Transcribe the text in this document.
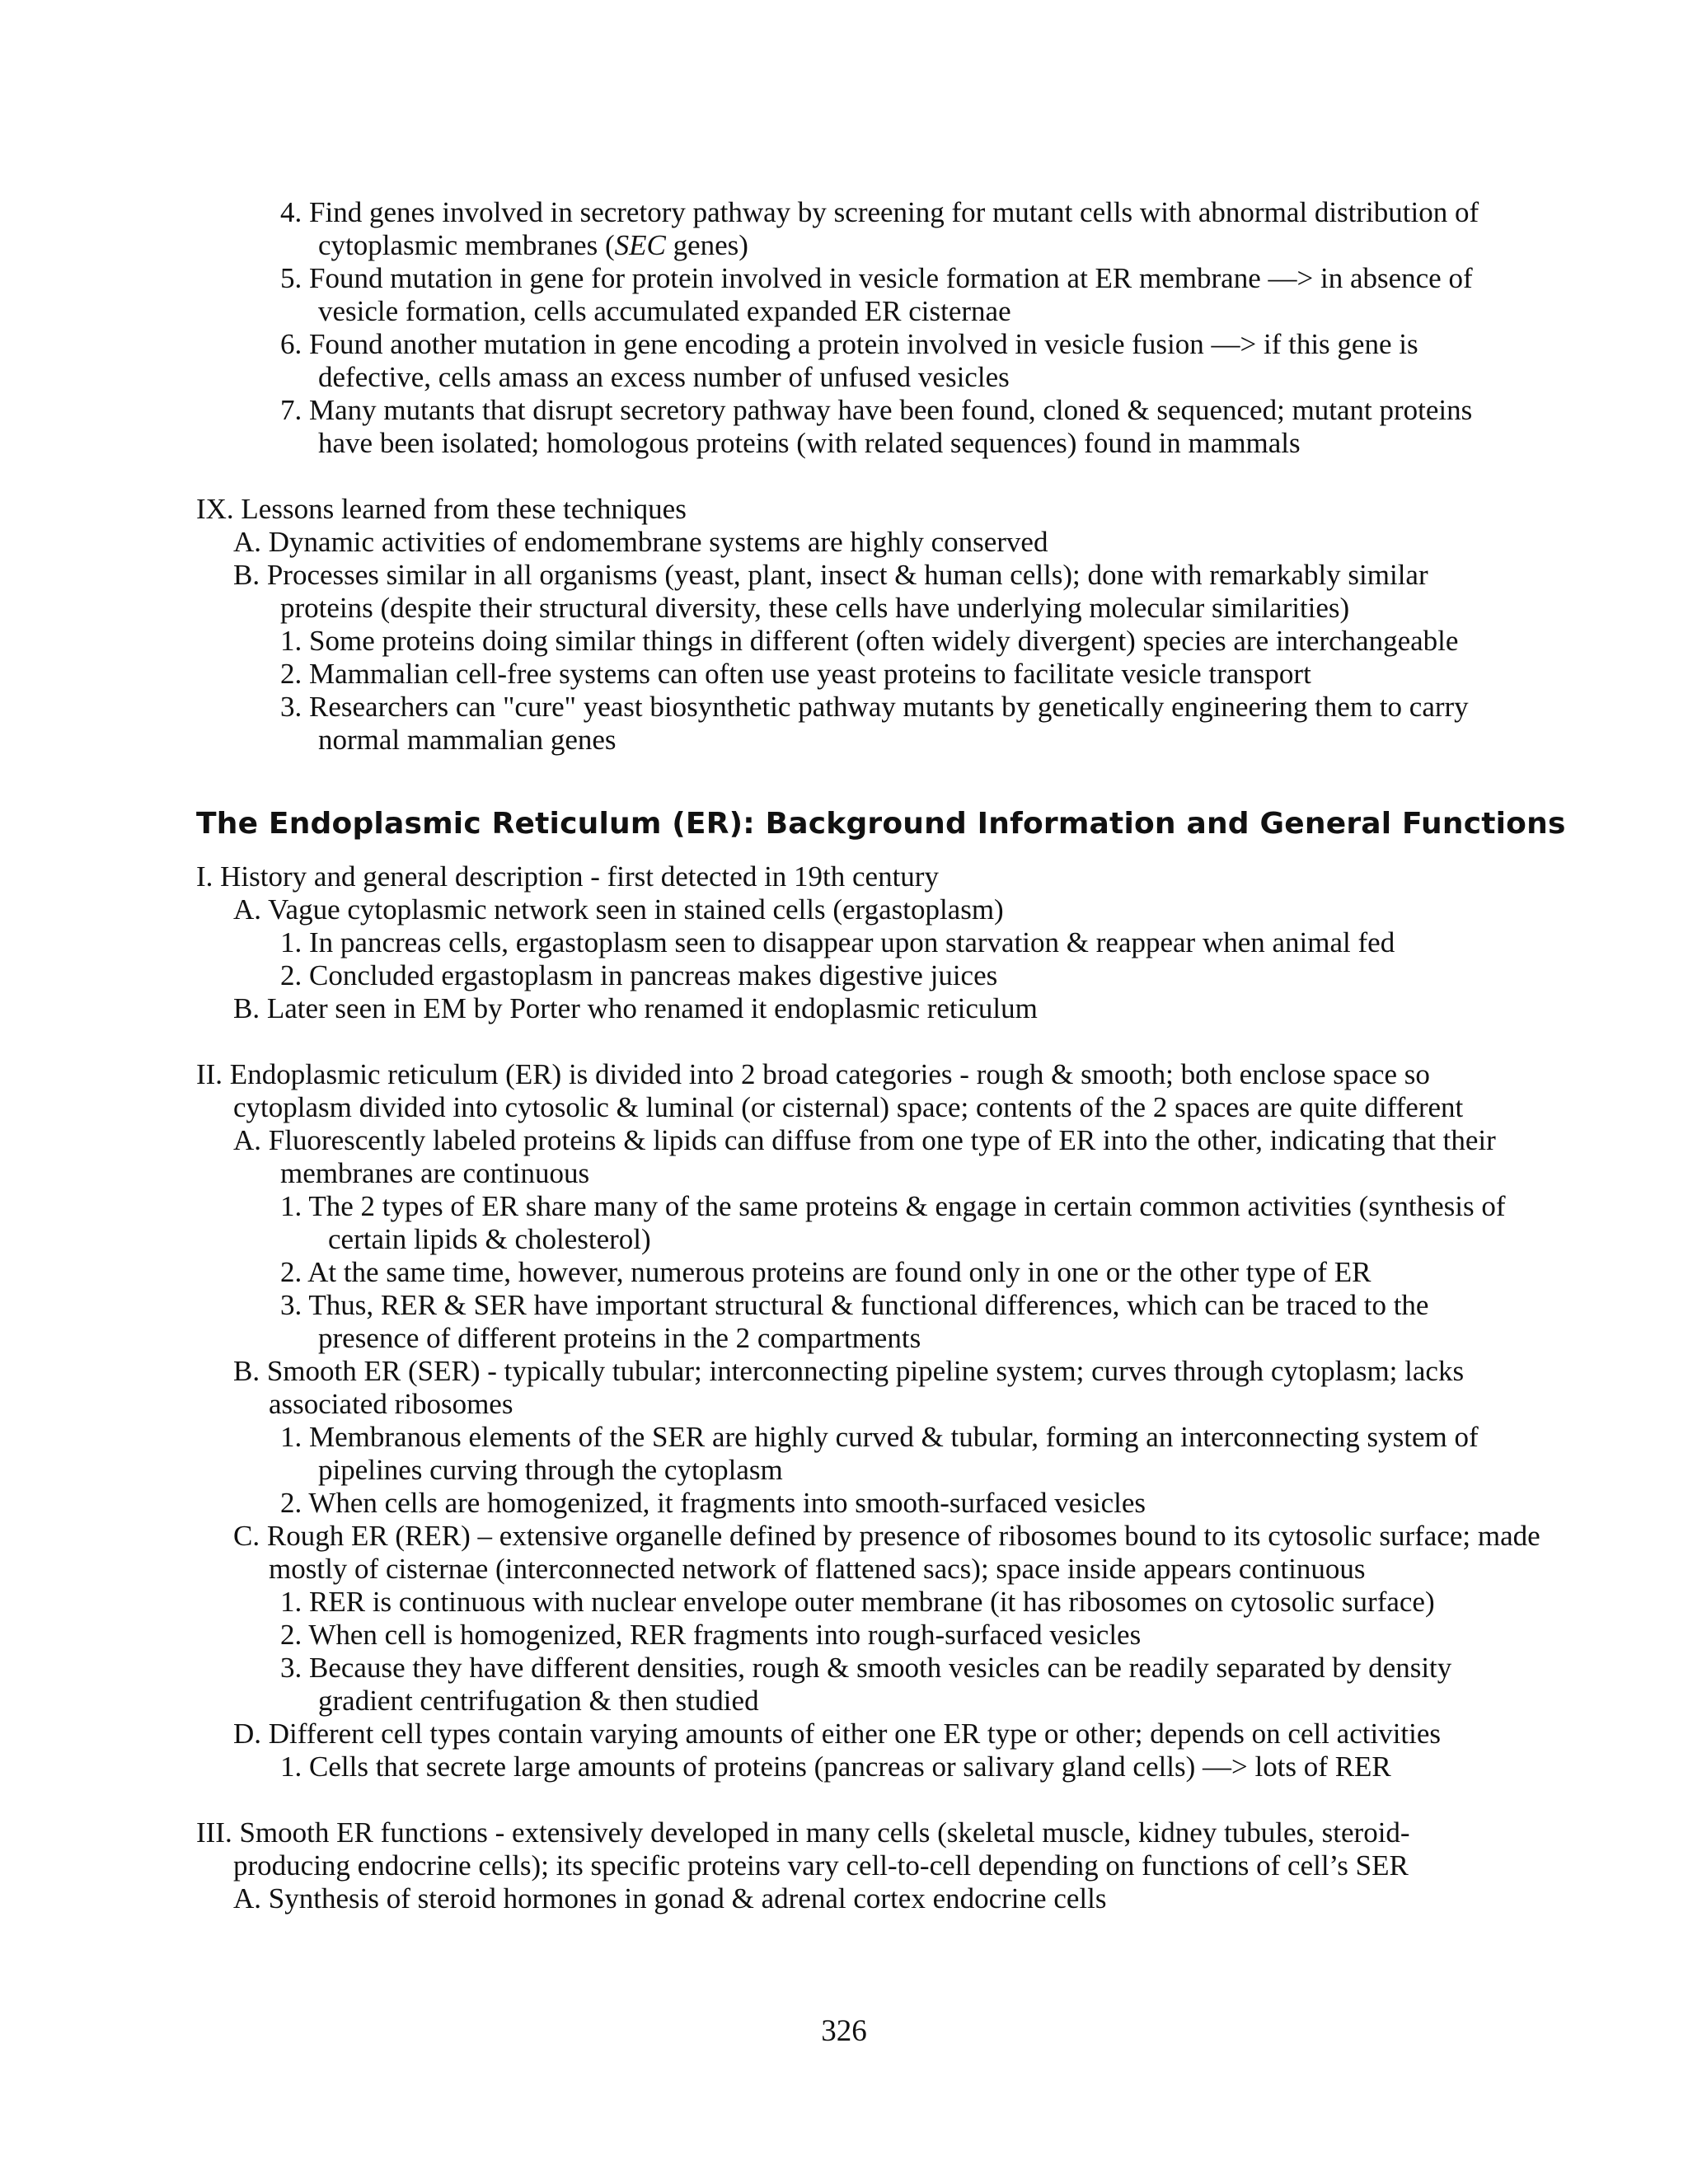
4. Find genes involved in secretory pathway by screening for mutant cells with abnormal distribution of
cytoplasmic membranes (SEC genes)
5. Found mutation in gene for protein involved in vesicle formation at ER membrane —> in absence of
vesicle formation, cells accumulated expanded ER cisternae
6. Found another mutation in gene encoding a protein involved in vesicle fusion —> if this gene is
defective, cells amass an excess number of unfused vesicles
7. Many mutants that disrupt secretory pathway have been found, cloned & sequenced; mutant proteins
have been isolated; homologous proteins (with related sequences) found in mammals
IX. Lessons learned from these techniques
A. Dynamic activities of endomembrane systems are highly conserved
B. Processes similar in all organisms (yeast, plant, insect & human cells); done with remarkably similar
proteins (despite their structural diversity, these cells have underlying molecular similarities)
1. Some proteins doing similar things in different (often widely divergent) species are interchangeable
2. Mammalian cell-free systems can often use yeast proteins to facilitate vesicle transport
3. Researchers can "cure" yeast biosynthetic pathway mutants by genetically engineering them to carry
normal mammalian genes
The Endoplasmic Reticulum (ER): Background Information and General Functions
I. History and general description - first detected in 19th century
A. Vague cytoplasmic network seen in stained cells (ergastoplasm)
1. In pancreas cells, ergastoplasm seen to disappear upon starvation & reappear when animal fed
2. Concluded ergastoplasm in pancreas makes digestive juices
B. Later seen in EM by Porter who renamed it endoplasmic reticulum
II. Endoplasmic reticulum (ER) is divided into 2 broad categories - rough & smooth; both enclose space so
cytoplasm divided into cytosolic & luminal (or cisternal) space; contents of the 2 spaces are quite different
A. Fluorescently labeled proteins & lipids can diffuse from one type of ER into the other, indicating that their
membranes are continuous
1. The 2 types of ER share many of the same proteins & engage in certain common activities (synthesis of
certain lipids & cholesterol)
2. At the same time, however, numerous proteins are found only in one or the other type of ER
3. Thus, RER & SER have important structural & functional differences, which can be traced to the
presence of different proteins in the 2 compartments
B. Smooth ER (SER) - typically tubular; interconnecting pipeline system; curves through cytoplasm; lacks
associated ribosomes
1. Membranous elements of the SER are highly curved & tubular, forming an interconnecting system of
pipelines curving through the cytoplasm
2. When cells are homogenized, it fragments into smooth-surfaced vesicles
C. Rough ER (RER) – extensive organelle defined by presence of ribosomes bound to its cytosolic surface; made
mostly of cisternae (interconnected network of flattened sacs); space inside appears continuous
1. RER is continuous with nuclear envelope outer membrane (it has ribosomes on cytosolic surface)
2. When cell is homogenized, RER fragments into rough-surfaced vesicles
3. Because they have different densities, rough & smooth vesicles can be readily separated by density
gradient centrifugation & then studied
D. Different cell types contain varying amounts of either one ER type or other; depends on cell activities
1. Cells that secrete large amounts of proteins (pancreas or salivary gland cells) —> lots of RER
III. Smooth ER functions - extensively developed in many cells (skeletal muscle, kidney tubules, steroid-
producing endocrine cells); its specific proteins vary cell-to-cell depending on functions of cell’s SER
A. Synthesis of steroid hormones in gonad & adrenal cortex endocrine cells
326
